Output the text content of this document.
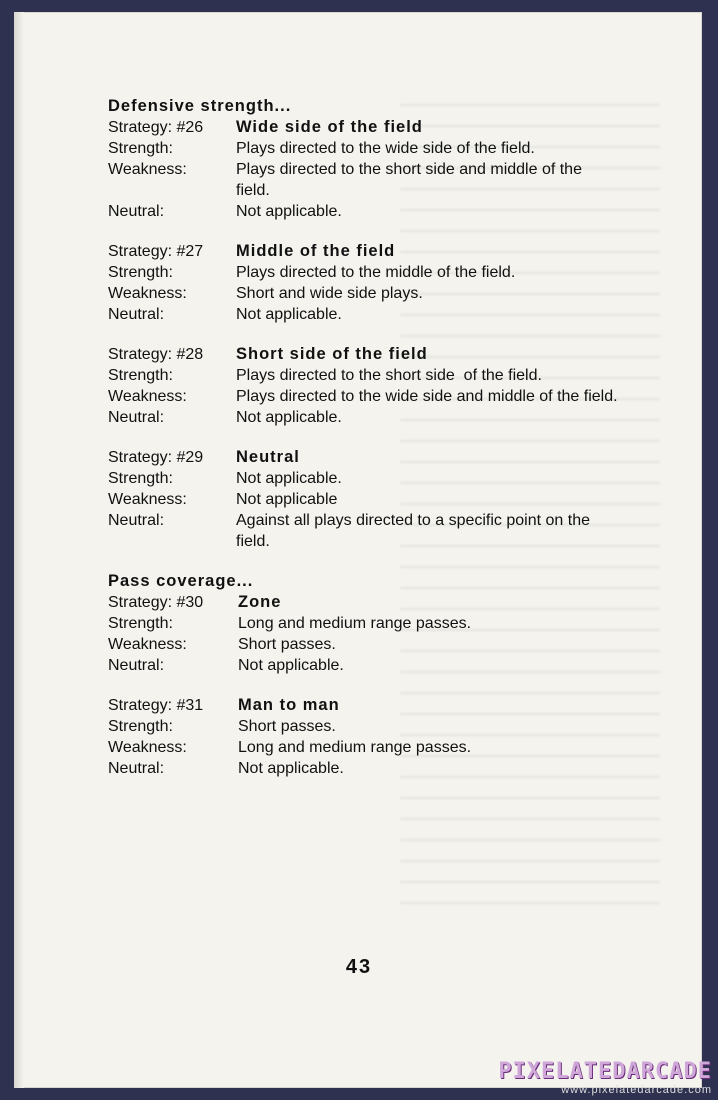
Defensive strength...

Strategy: #26	Wide side of the field
Strength:	Plays directed to the wide side of the field.
Weakness:	Plays directed to the short side and middle of the field.
Neutral:	Not applicable.
Strategy: #27	Middle of the field
Strength:	Plays directed to the middle of the field.
Weakness:	Short and wide side plays.
Neutral:	Not applicable.
Strategy: #28	Short side of the field
Strength:	Plays directed to the short side  of the field.
Weakness:	Plays directed to the wide side and middle of the field.
Neutral:	Not applicable.
Strategy: #29	Neutral
Strength:	Not applicable.
Weakness:	Not applicable
Neutral:	Against all plays directed to a specific point on the field.

Pass coverage...

Strategy: #30	Zone
Strength:	Long and medium range passes.
Weakness:	Short passes.
Neutral:	Not applicable.
Strategy: #31	Man to man
Strength:	Short passes.
Weakness:	Long and medium range passes.
Neutral:	Not applicable.
43
PIXELATEDARCADE
www.pixelatedarcade.com
